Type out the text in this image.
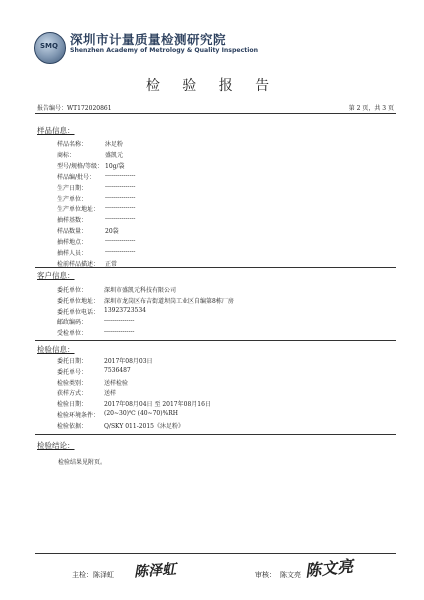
SMQ 深圳市计量质量检测研究院
Shenzhen Academy of Metrology & Quality Inspection
检 验 报 告
报告编号：WT172020861	第 2 页，共 3 页
样品信息：
样品名称：	沐足粉
商标：	盛凯元
型号/规格/等级： 10g/袋
样品编/批号： ---------------
生产日期：	---------------
生产单位：	---------------
生产单位地址： ---------------
抽样基数：	---------------
样品数量：	20袋
抽样地点：	---------------
抽样人员：	---------------
检前样品描述： 正常
客户信息：
委托单位：	深圳市盛凯元科技有限公司
委托单位地址： 深圳市龙岗区布吉街道坝岗工业区自编第8栋厂房
委托单位电话： 13923723534
邮政编码：	---------------
受检单位：	---------------
检验信息：
委托日期：	2017年08月03日
委托单号：	7536487
检验类别：	送样检验
获样方式：	送样
检验日期：	2017年08月04日 至 2017年08月16日
检验环境条件： (20~30)℃ (40~70)%RH
检验依据：	Q/SKY 011-2015《沐足粉》
检验结论：
检验结果见附页。
主检： 陈泽虹 陈泽虹	审核： 陈文亮 陈文亮
